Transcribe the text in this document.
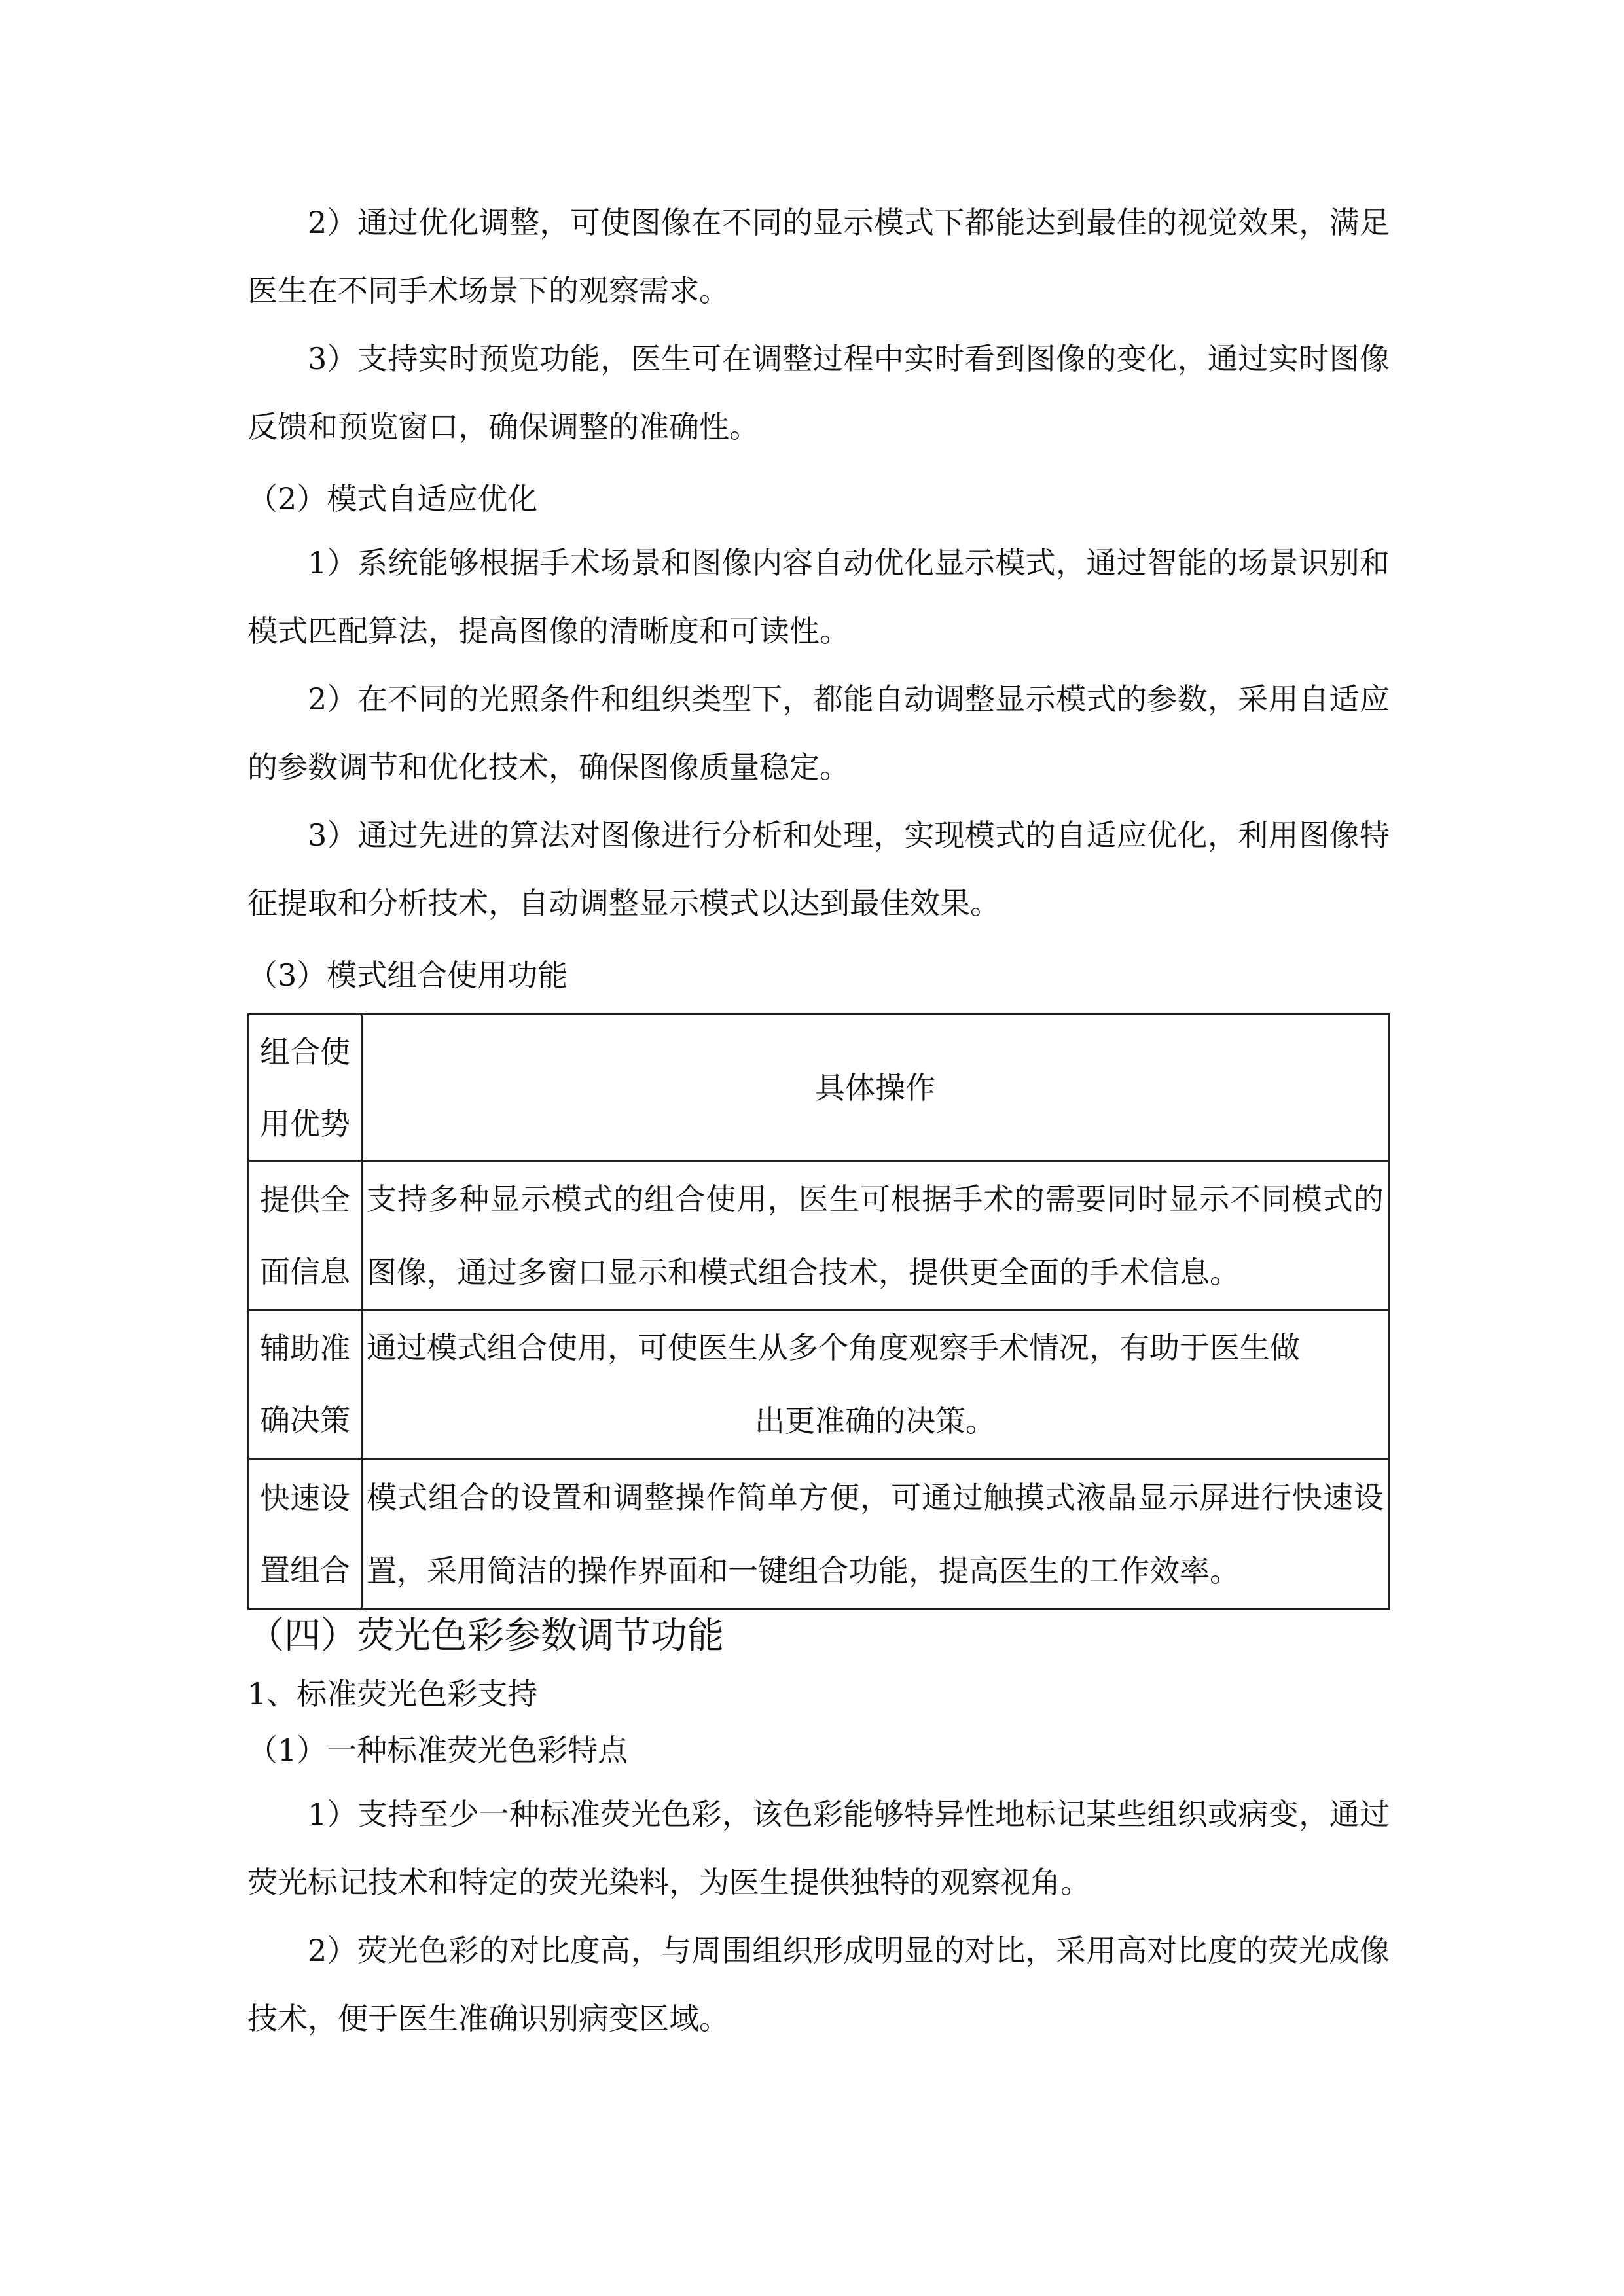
2）通过优化调整，可使图像在不同的显示模式下都能达到最佳的视觉效果，满足医生在不同手术场景下的观察需求。

3）支持实时预览功能，医生可在调整过程中实时看到图像的变化，通过实时图像反馈和预览窗口，确保调整的准确性。

（2）模式自适应优化

1）系统能够根据手术场景和图像内容自动优化显示模式，通过智能的场景识别和模式匹配算法，提高图像的清晰度和可读性。

2）在不同的光照条件和组织类型下，都能自动调整显示模式的参数，采用自适应的参数调节和优化技术，确保图像质量稳定。

3）通过先进的算法对图像进行分析和处理，实现模式的自适应优化，利用图像特征提取和分析技术，自动调整显示模式以达到最佳效果。

（3）模式组合使用功能

组合使
用优势	具体操作

提供全
面信息	支持多种显示模式的组合使用，医生可根据手术的需要同时显示不同模式的图像，通过多窗口显示和模式组合技术，提供更全面的手术信息。

辅助准
确决策	通过模式组合使用，可使医生从多个角度观察手术情况，有助于医生做
出更准确的决策。

快速设
置组合	模式组合的设置和调整操作简单方便，可通过触摸式液晶显示屏进行快速设置，采用简洁的操作界面和一键组合功能，提高医生的工作效率。

（四）荧光色彩参数调节功能

1、标准荧光色彩支持

（1）一种标准荧光色彩特点

1）支持至少一种标准荧光色彩，该色彩能够特异性地标记某些组织或病变，通过荧光标记技术和特定的荧光染料，为医生提供独特的观察视角。

2）荧光色彩的对比度高，与周围组织形成明显的对比，采用高对比度的荧光成像技术，便于医生准确识别病变区域。
